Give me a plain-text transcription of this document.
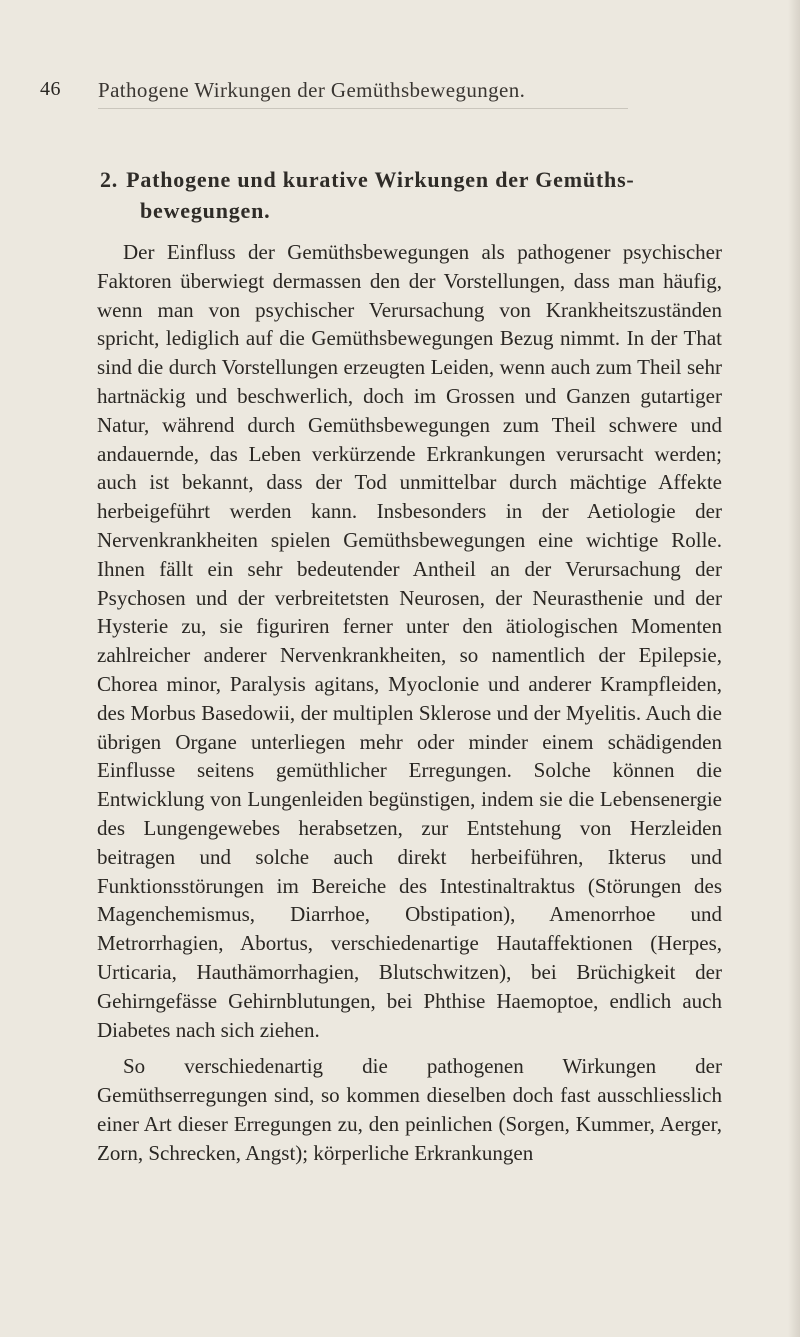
46 Pathogene Wirkungen der Gemüthsbewegungen.
2. Pathogene und kurative Wirkungen der Gemüths-
bewegungen.

Der Einfluss der Gemüthsbewegungen als pathogener psychischer Faktoren überwiegt dermassen den der Vorstellungen, dass man häufig, wenn man von psychischer Verursachung von Krankheitszuständen spricht, lediglich auf die Gemüthsbewegungen Bezug nimmt. In der That sind die durch Vorstellungen erzeugten Leiden, wenn auch zum Theil sehr hartnäckig und beschwerlich, doch im Grossen und Ganzen gutartiger Natur, während durch Gemüthsbewegungen zum Theil schwere und andauernde, das Leben verkürzende Erkrankungen verursacht werden; auch ist bekannt, dass der Tod unmittelbar durch mächtige Affekte herbeigeführt werden kann. Insbesonders in der Aetiologie der Nervenkrankheiten spielen Gemüthsbewegungen eine wichtige Rolle. Ihnen fällt ein sehr bedeutender Antheil an der Verursachung der Psychosen und der verbreitetsten Neurosen, der Neurasthenie und der Hysterie zu, sie figuriren ferner unter den ätiologischen Momenten zahlreicher anderer Nervenkrankheiten, so namentlich der Epilepsie, Chorea minor, Paralysis agitans, Myoclonie und anderer Krampfleiden, des Morbus Basedowii, der multiplen Sklerose und der Myelitis. Auch die übrigen Organe unterliegen mehr oder minder einem schädigenden Einflusse seitens gemüthlicher Erregungen. Solche können die Entwicklung von Lungenleiden begünstigen, indem sie die Lebensenergie des Lungengewebes herabsetzen, zur Entstehung von Herzleiden beitragen und solche auch direkt herbeiführen, Ikterus und Funktionsstörungen im Bereiche des Intestinaltraktus (Störungen des Magenchemismus, Diarrhoe, Obstipation), Amenorrhoe und Metrorrhagien, Abortus, verschiedenartige Hautaffektionen (Herpes, Urticaria, Hauthämorrhagien, Blutschwitzen), bei Brüchigkeit der Gehirngefässe Gehirnblutungen, bei Phthise Haemoptoe, endlich auch Diabetes nach sich ziehen.

So verschiedenartig die pathogenen Wirkungen der Gemüthserregungen sind, so kommen dieselben doch fast ausschliesslich einer Art dieser Erregungen zu, den peinlichen (Sorgen, Kummer, Aerger, Zorn, Schrecken, Angst); körperliche Erkrankungen
